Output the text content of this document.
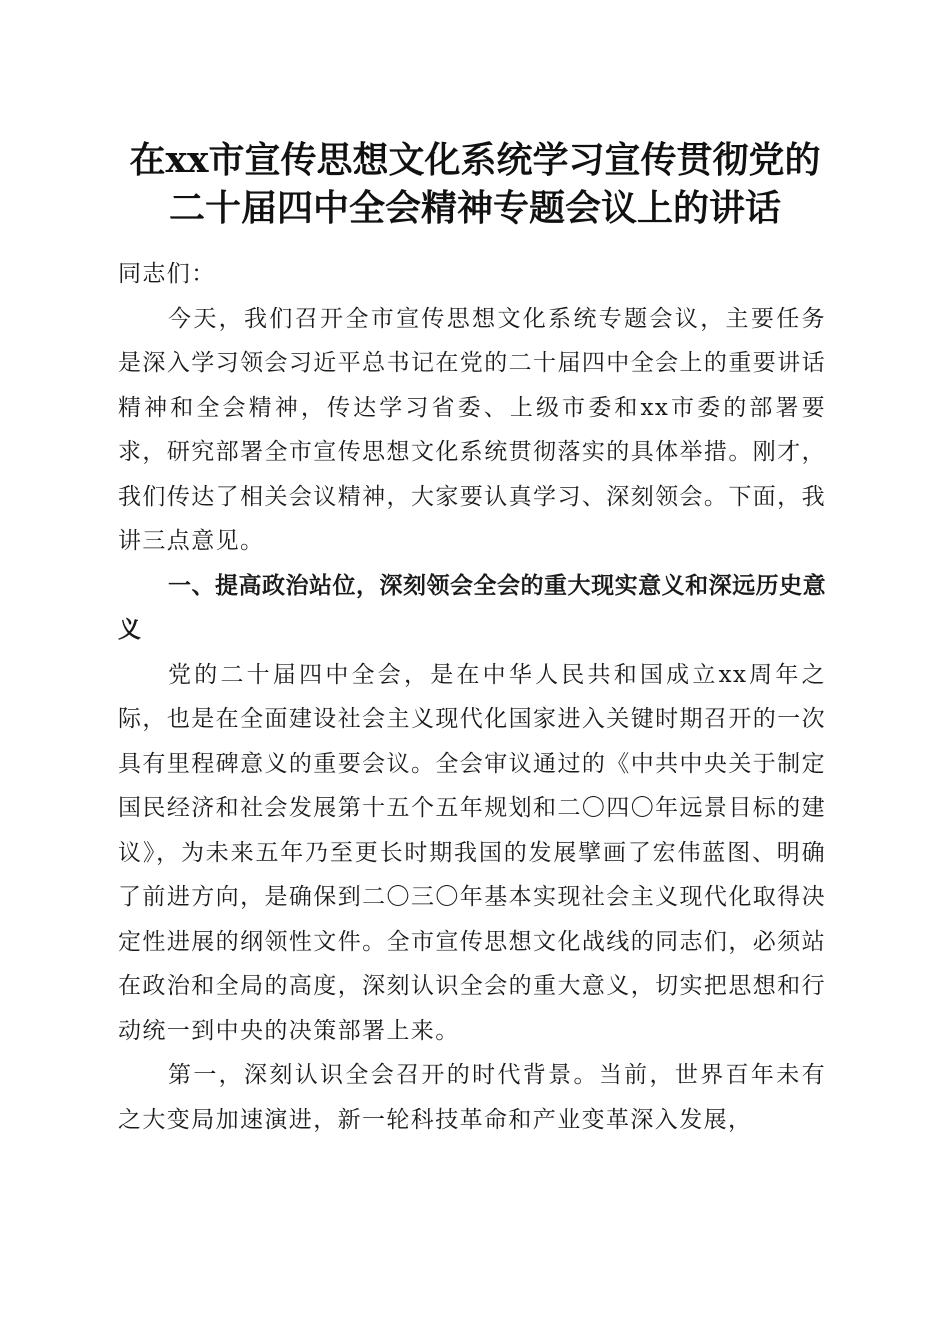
在xx市宣传思想文化系统学习宣传贯彻党的
二十届四中全会精神专题会议上的讲话

同志们：

今天，我们召开全市宣传思想文化系统专题会议，主要任务是深入学习领会习近平总书记在党的二十届四中全会上的重要讲话精神和全会精神，传达学习省委、上级市委和xx市委的部署要求，研究部署全市宣传思想文化系统贯彻落实的具体举措。刚才，我们传达了相关会议精神，大家要认真学习、深刻领会。下面，我讲三点意见。

一、提高政治站位，深刻领会全会的重大现实意义和深远历史意义

党的二十届四中全会，是在中华人民共和国成立xx周年之际，也是在全面建设社会主义现代化国家进入关键时期召开的一次具有里程碑意义的重要会议。全会审议通过的《中共中央关于制定国民经济和社会发展第十五个五年规划和二〇四〇年远景目标的建议》，为未来五年乃至更长时期我国的发展擘画了宏伟蓝图、明确了前进方向，是确保到二〇三〇年基本实现社会主义现代化取得决定性进展的纲领性文件。全市宣传思想文化战线的同志们，必须站在政治和全局的高度，深刻认识全会的重大意义，切实把思想和行动统一到中央的决策部署上来。

第一，深刻认识全会召开的时代背景。当前，世界百年未有之大变局加速演进，新一轮科技革命和产业变革深入发展，
